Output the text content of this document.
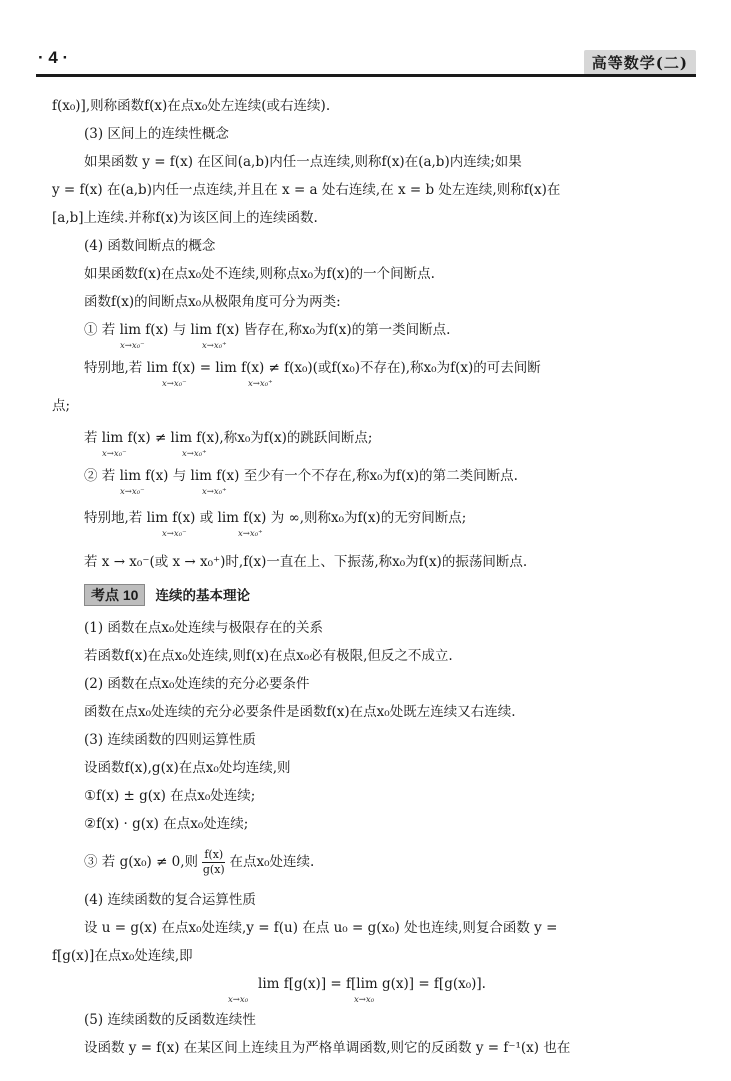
· 4 ·	高等数学(二)
f(x₀)],则称函数f(x)在点x₀处左连续(或右连续).
(3) 区间上的连续性概念
如果函数 y = f(x) 在区间(a,b)内任一点连续,则称f(x)在(a,b)内连续;如果
y = f(x) 在(a,b)内任一点连续,并且在 x = a 处右连续,在 x = b 处左连续,则称f(x)在
[a,b]上连续.并称f(x)为该区间上的连续函数.
(4) 函数间断点的概念
如果函数f(x)在点x₀处不连续,则称点x₀为f(x)的一个间断点.
函数f(x)的间断点x₀从极限角度可分为两类:
① 若 lim f(x) 与 lim f(x) 皆存在,称x₀为f(x)的第一类间断点.
x→x₀⁻	x→x₀⁺
特别地,若 lim f(x) = lim f(x) ≠ f(x₀)(或f(x₀)不存在),称x₀为f(x)的可去间断
x→x₀⁻	x→x₀⁺
点;
若 lim f(x) ≠ lim f(x),称x₀为f(x)的跳跃间断点;
x→x₀⁻	x→x₀⁺
② 若 lim f(x) 与 lim f(x) 至少有一个不存在,称x₀为f(x)的第二类间断点.
x→x₀⁻	x→x₀⁺
特别地,若 lim f(x) 或 lim f(x) 为 ∞,则称x₀为f(x)的无穷间断点;
x→x₀⁻	x→x₀⁺
若 x → x₀⁻(或 x → x₀⁺)时,f(x)一直在上、下振荡,称x₀为f(x)的振荡间断点.
考点 10 连续的基本理论
(1) 函数在点x₀处连续与极限存在的关系
若函数f(x)在点x₀处连续,则f(x)在点x₀必有极限,但反之不成立.
(2) 函数在点x₀处连续的充分必要条件
函数在点x₀处连续的充分必要条件是函数f(x)在点x₀处既左连续又右连续.
(3) 连续函数的四则运算性质
设函数f(x),g(x)在点x₀处均连续,则
①f(x) ± g(x) 在点x₀处连续;
②f(x) · g(x) 在点x₀处连续;
③ 若 g(x₀) ≠ 0,则 $\frac{f(x)}{g(x)}$ 在点x₀处连续.
(4) 连续函数的复合运算性质
设 u = g(x) 在点x₀处连续,y = f(u) 在点 u₀ = g(x₀) 处也连续,则复合函数 y =
f[g(x)]在点x₀处连续,即
lim f[g(x)] = f[lim g(x)] = f[g(x₀)].
x→x₀	x→x₀
(5) 连续函数的反函数连续性
设函数 y = f(x) 在某区间上连续且为严格单调函数,则它的反函数 y = f⁻¹(x) 也在
